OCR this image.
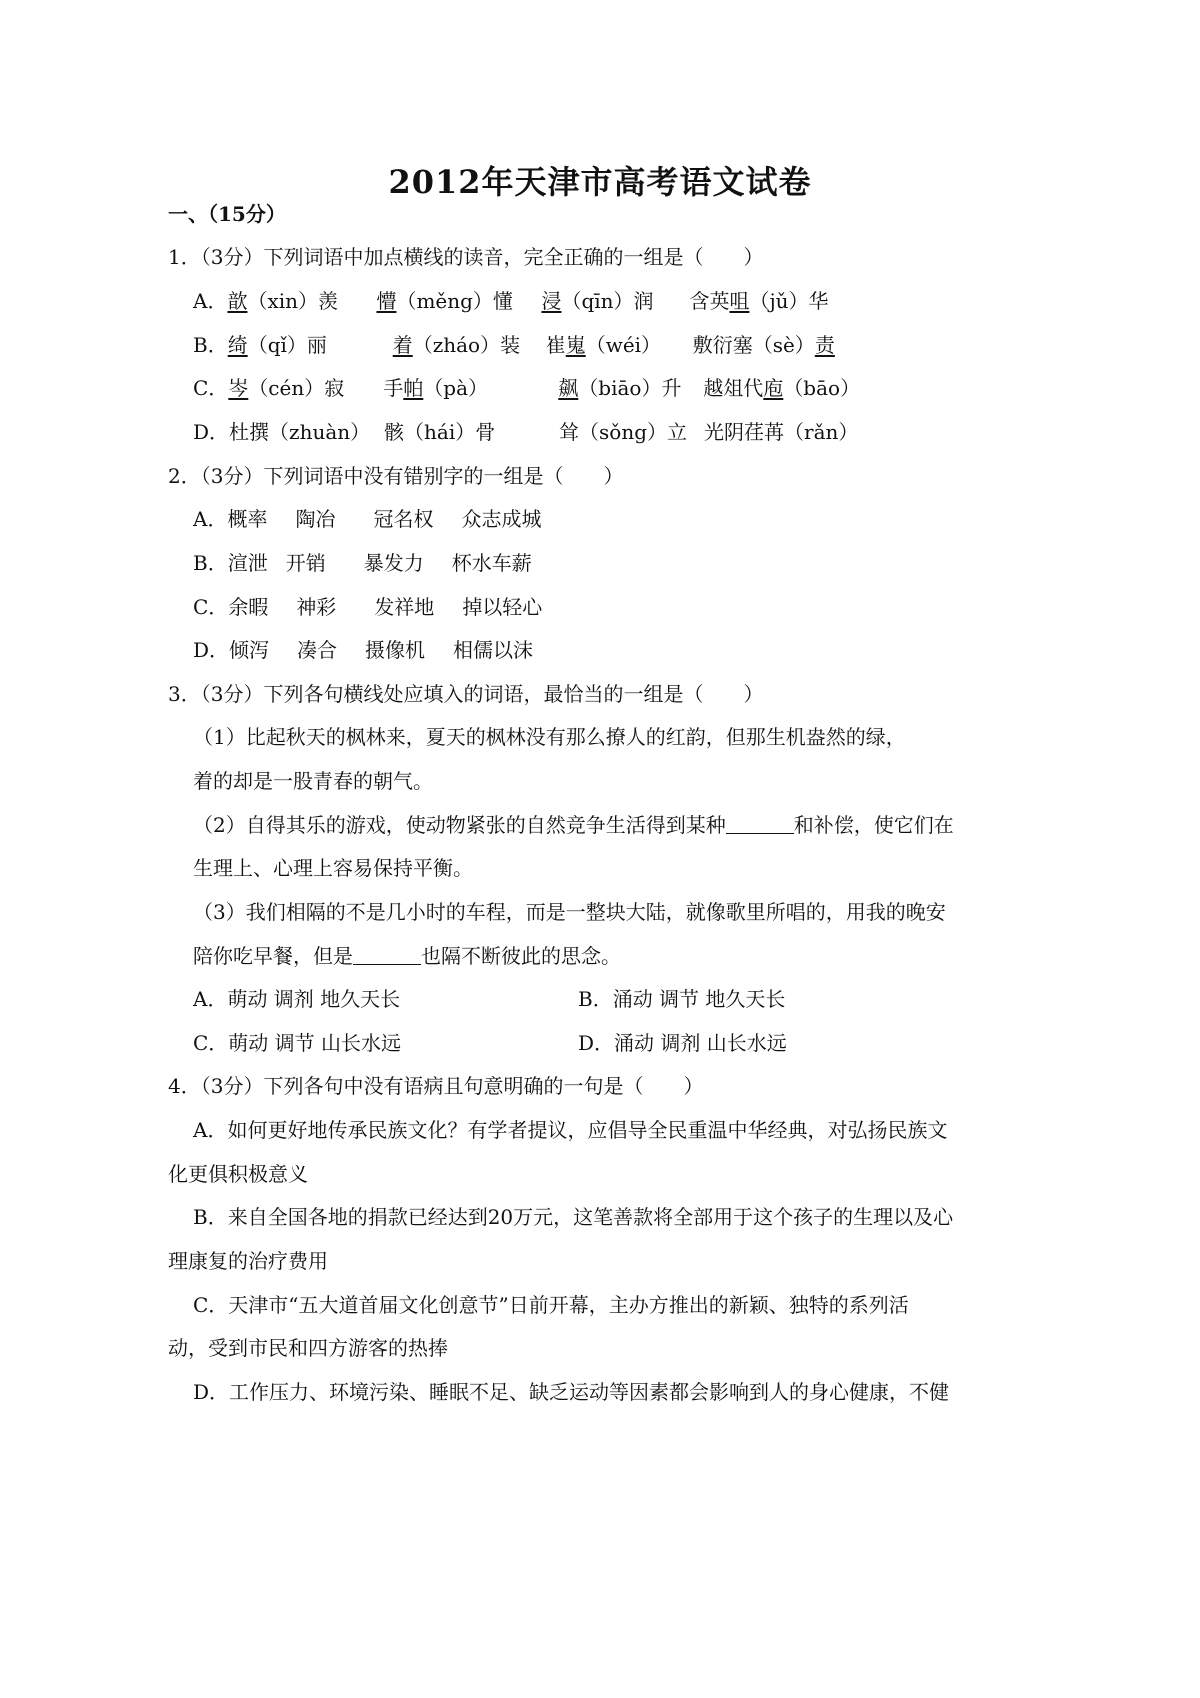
2012年天津市高考语文试卷
一、（15分）
1．（3分）下列词语中加点横线的读音，完全正确的一组是（　　）
A．歆（xin）羡 懵（měng）懂 浸（qīn）润 含英咀（jǔ）华
B．绮（qǐ）丽	着（zháo）装 崔嵬（wéi） 敷衍塞（sè）责
C．岑（cén）寂 手帕（pà）	飙（biāo）升 越俎代庖（bāo）
D．杜撰（zhuàn） 骸（hái）骨	耸（sǒng）立 光阴荏苒（rǎn）
2．（3分）下列词语中没有错别字的一组是（　　）
A．概率 陶冶 冠名权 众志成城
B．渲泄 开销 暴发力 杯水车薪
C．余暇 神彩 发祥地 掉以轻心
D．倾泻 凑合 摄像机 相儒以沫
3．（3分）下列各句横线处应填入的词语，最恰当的一组是（　　）
（1）比起秋天的枫林来，夏天的枫林没有那么撩人的红韵，但那生机盎然的绿，
着的却是一股青春的朝气。
（2）自得其乐的游戏，使动物紧张的自然竞争生活得到某种	和补偿，使它们在
生理上、心理上容易保持平衡。
（3）我们相隔的不是几小时的车程，而是一整块大陆，就像歌里所唱的，用我的晚安
陪你吃早餐，但是	也隔不断彼此的思念。
A．萌动 调剂 地久天长	B．涌动 调节 地久天长
C．萌动 调节 山长水远	D．涌动 调剂 山长水远
4．（3分）下列各句中没有语病且句意明确的一句是（　　）
A．如何更好地传承民族文化？有学者提议，应倡导全民重温中华经典，对弘扬民族文
化更俱积极意义
B．来自全国各地的捐款已经达到20万元，这笔善款将全部用于这个孩子的生理以及心
理康复的治疗费用
C．天津市“五大道首届文化创意节”日前开幕，主办方推出的新颖、独特的系列活
动，受到市民和四方游客的热捧
D．工作压力、环境污染、睡眠不足、缺乏运动等因素都会影响到人的身心健康，不健
